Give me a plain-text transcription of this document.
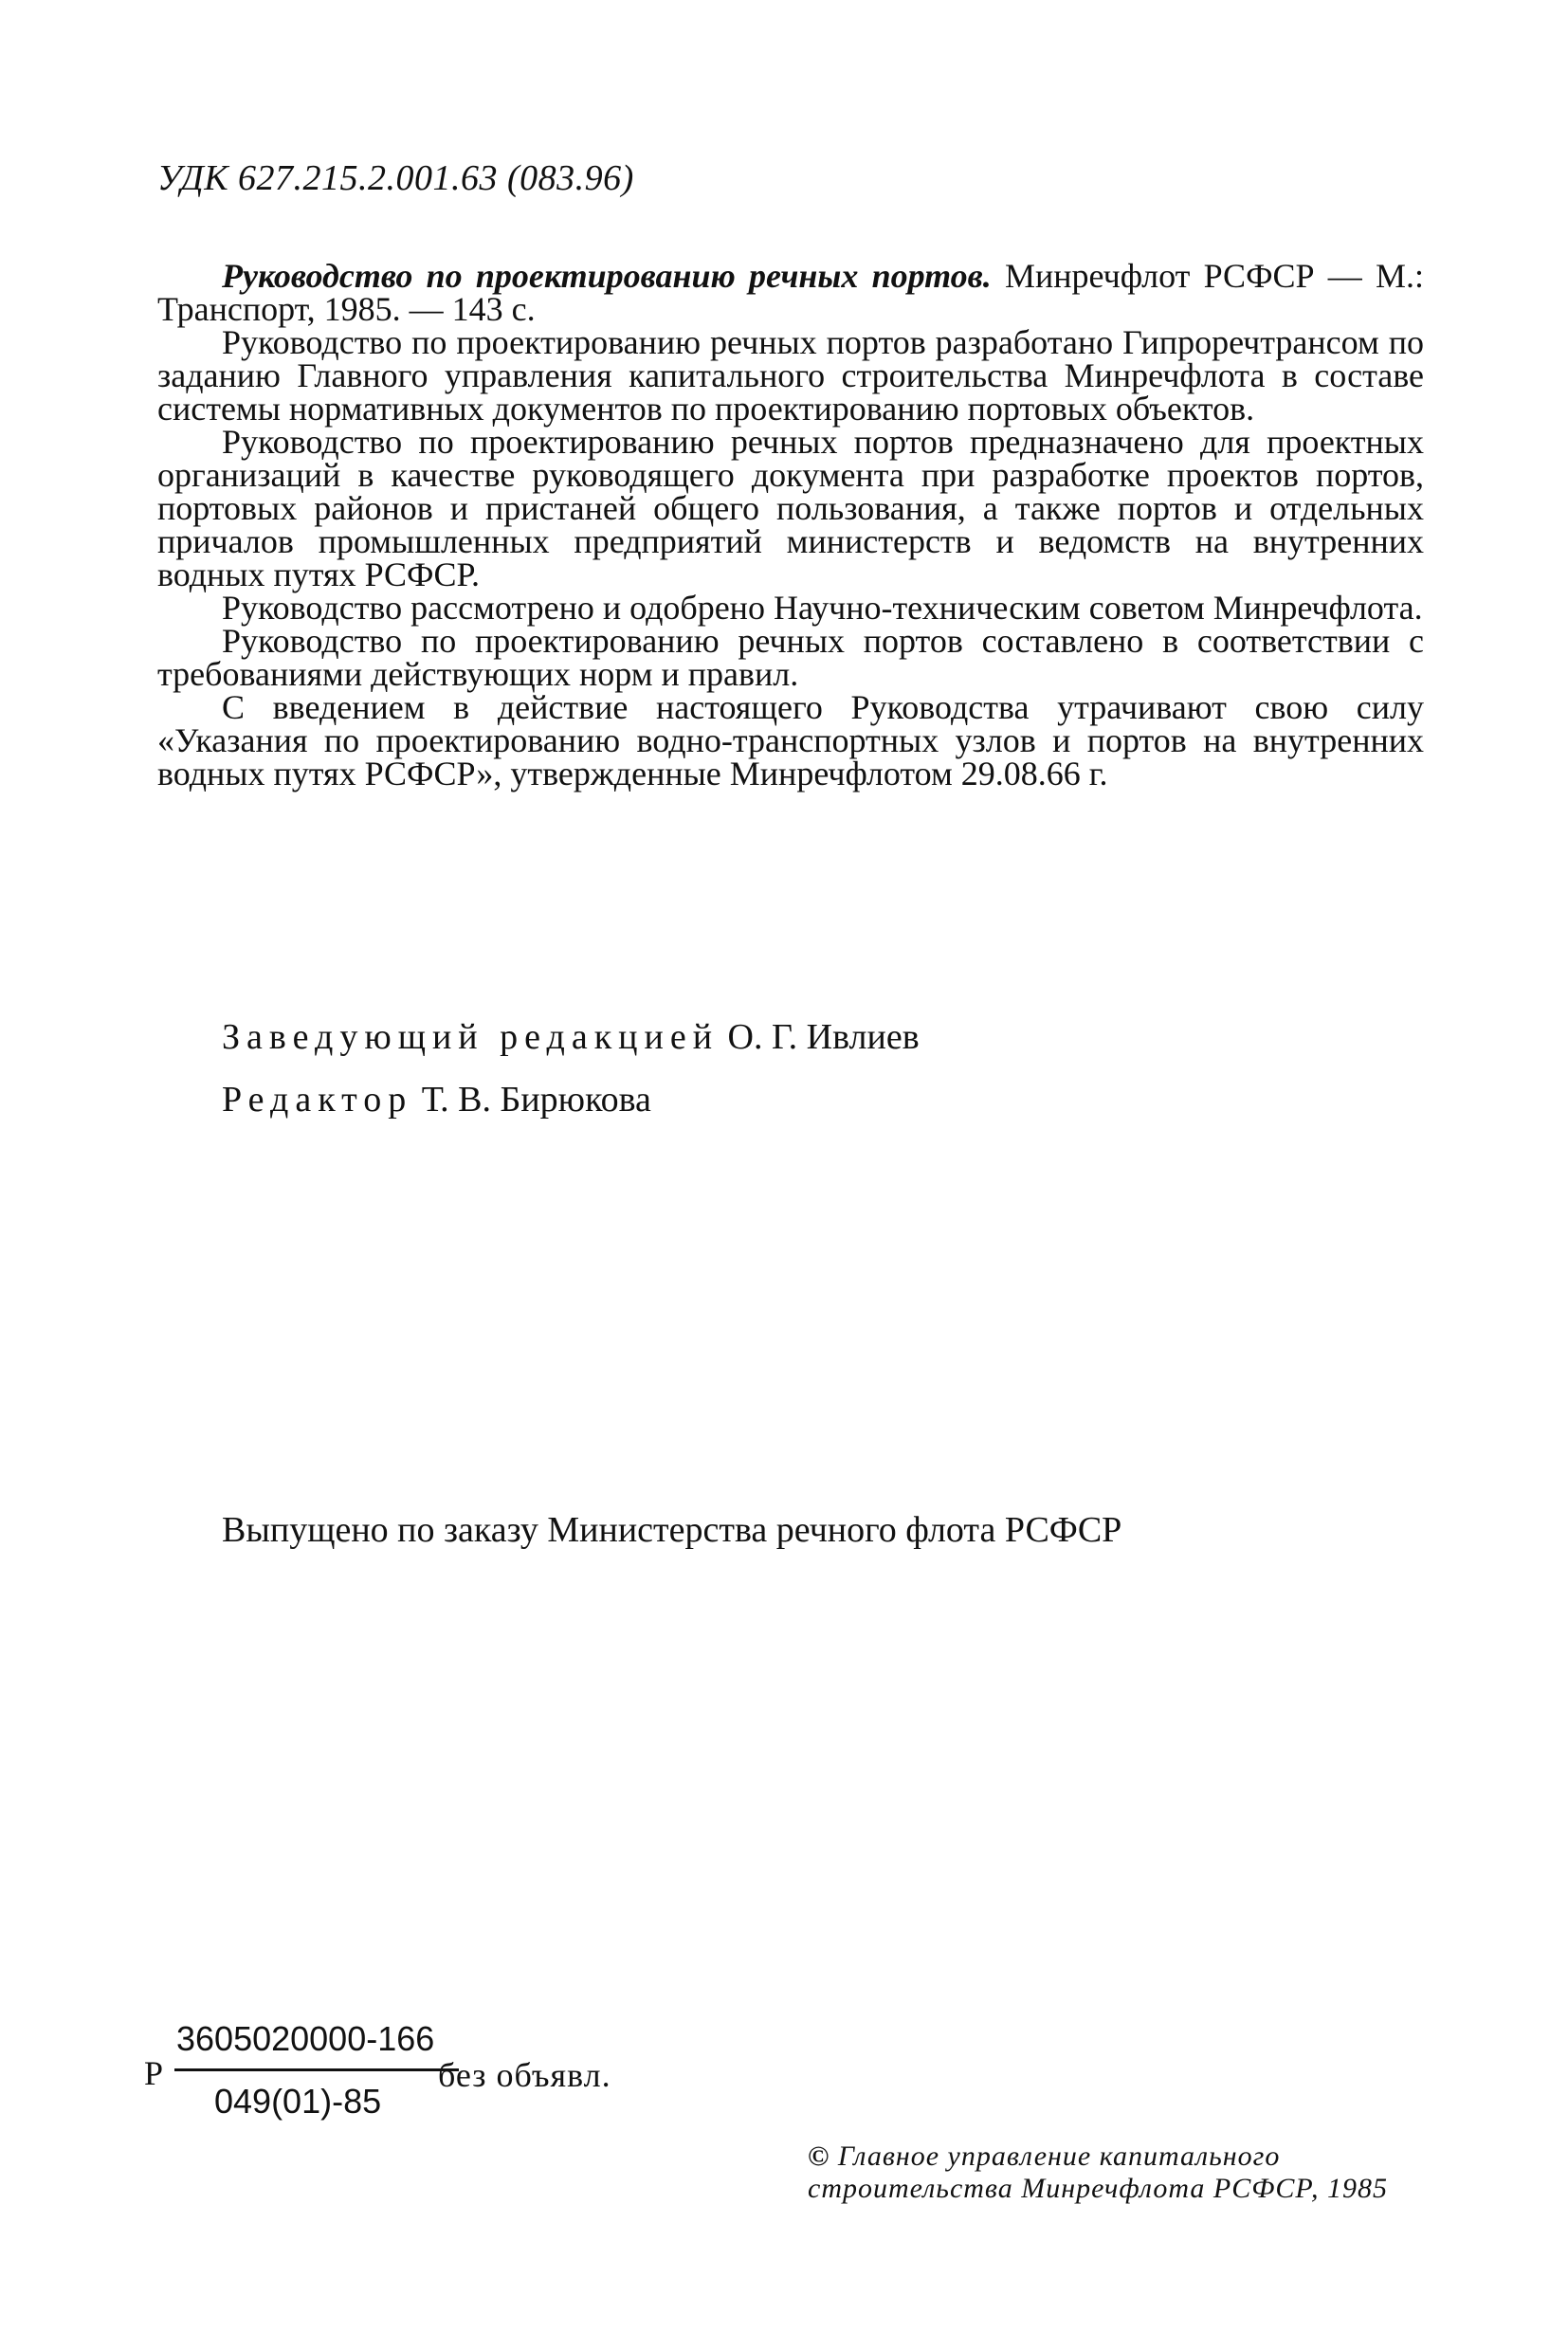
УДК 627.215.2.001.63 (083.96)

Руководство по проектированию речных портов. Минречфлот РСФСР — М.: Транспорт, 1985. — 143 с.

Руководство по проектированию речных портов разработано Гипроречтрансом по заданию Главного управления капитального строительства Минречфлота в составе системы нормативных документов по проектированию портовых объектов.

Руководство по проектированию речных портов предназначено для проектных организаций в качестве руководящего документа при разработке проектов портов, портовых районов и пристаней общего пользования, а также портов и отдельных причалов промышленных предприятий министерств и ведомств на внутренних водных путях РСФСР.

Руководство рассмотрено и одобрено Научно-техническим советом Минречфлота.

Руководство по проектированию речных портов составлено в соответствии с требованиями действующих норм и правил.

С введением в действие настоящего Руководства утрачивают свою силу «Указания по проектированию водно-транспортных узлов и портов на внутренних водных путях РСФСР», утвержденные Минречфлотом 29.08.66 г.

Заведующий редакцией О. Г. Ивлиев
Редактор Т. В. Бирюкова
Выпущено по заказу Министерства речного флота РСФСР
Р
3605020000-166
049(01)-85
без объявл.
© Главное управление капитального строительства Минречфлота РСФСР, 1985
